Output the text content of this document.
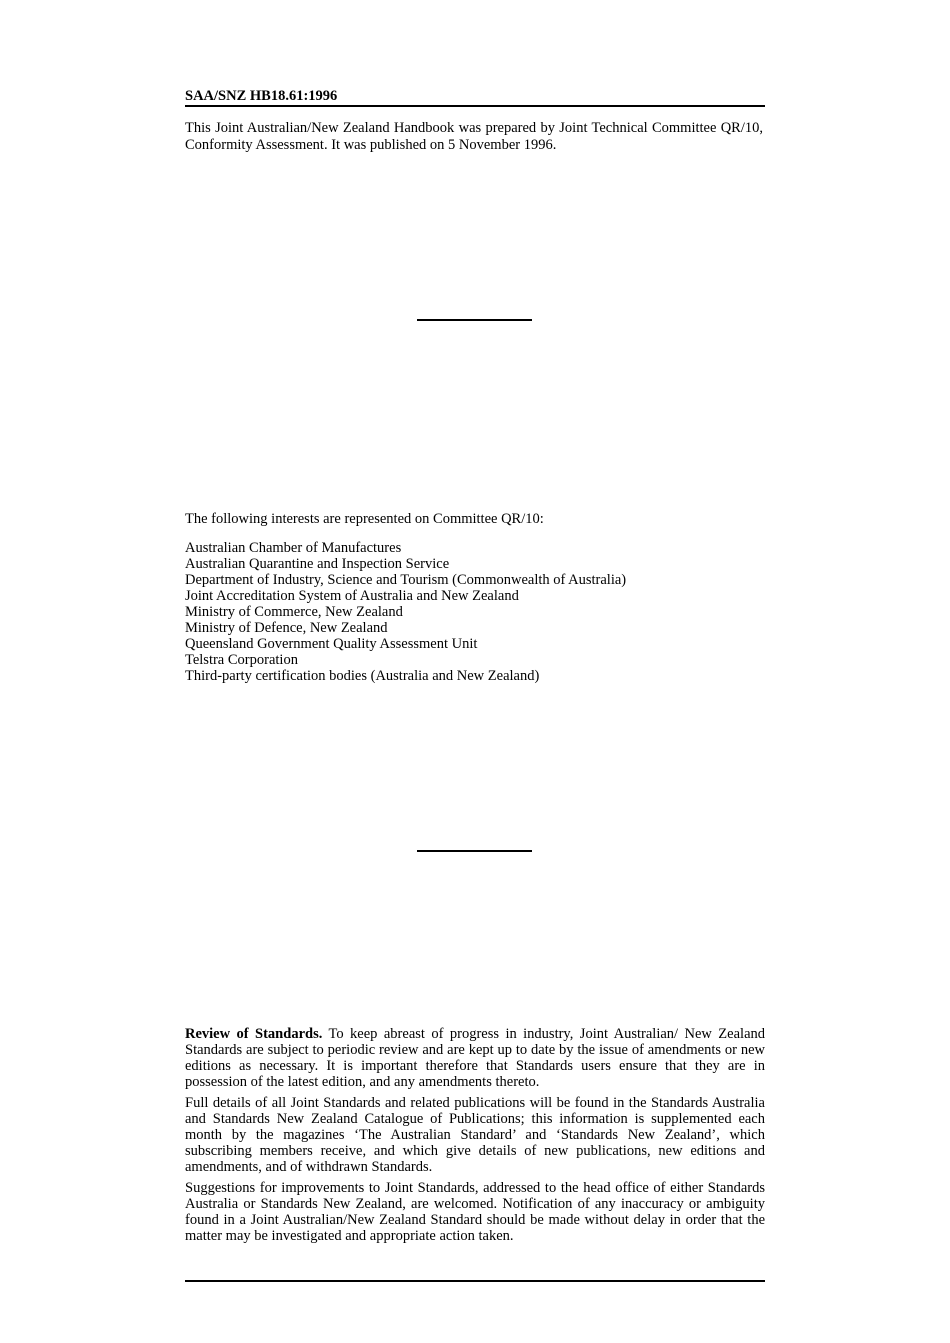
SAA/SNZ HB18.61:1996

This Joint Australian/New Zealand Handbook was prepared by Joint Technical Committee QR/10, Conformity Assessment. It was published on 5 November 1996.

The following interests are represented on Committee QR/10:

Australian Chamber of Manufactures
Australian Quarantine and Inspection Service
Department of Industry, Science and Tourism (Commonwealth of Australia)
Joint Accreditation System of Australia and New Zealand
Ministry of Commerce, New Zealand
Ministry of Defence, New Zealand
Queensland Government Quality Assessment Unit
Telstra Corporation
Third-party certification bodies (Australia and New Zealand)

Review of Standards. To keep abreast of progress in industry, Joint Australian/ New Zealand Standards are subject to periodic review and are kept up to date by the issue of amendments or new editions as necessary. It is important therefore that Standards users ensure that they are in possession of the latest edition, and any amendments thereto.

Full details of all Joint Standards and related publications will be found in the Standards Australia and Standards New Zealand Catalogue of Publications; this information is supplemented each month by the magazines ‘The Australian Standard’ and ‘Standards New Zealand’, which subscribing members receive, and which give details of new publications, new editions and amendments, and of withdrawn Standards.

Suggestions for improvements to Joint Standards, addressed to the head office of either Standards Australia or Standards New Zealand, are welcomed. Notification of any inaccuracy or ambiguity found in a Joint Australian/New Zealand Standard should be made without delay in order that the matter may be investigated and appropriate action taken.
